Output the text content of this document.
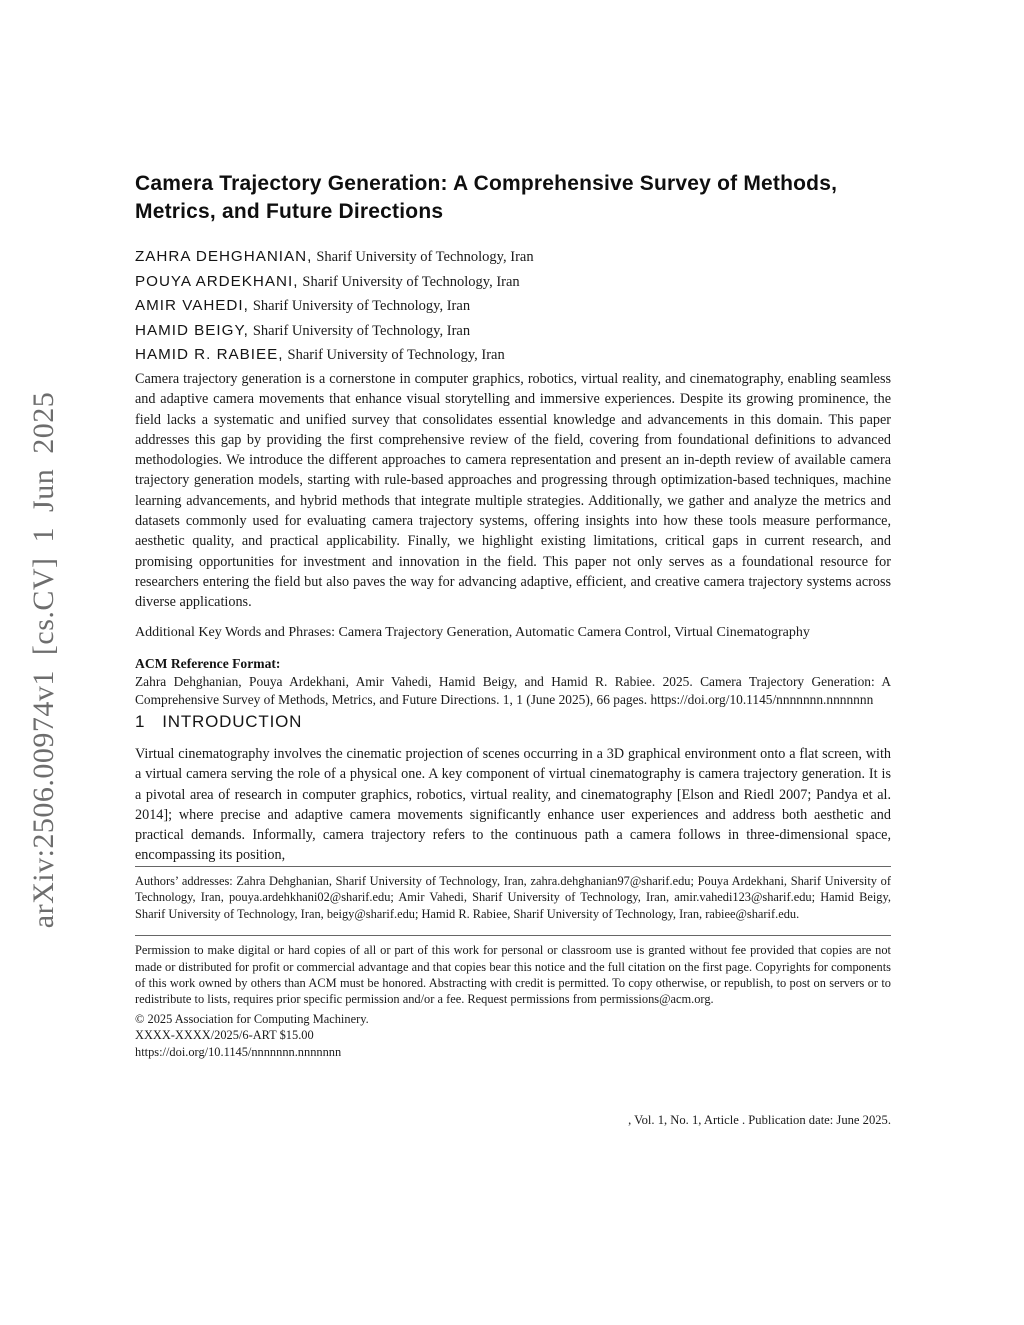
arXiv:2506.00974v1 [cs.CV] 1 Jun 2025
Camera Trajectory Generation: A Comprehensive Survey of Methods, Metrics, and Future Directions
ZAHRA DEHGHANIAN, Sharif University of Technology, Iran
POUYA ARDEKHANI, Sharif University of Technology, Iran
AMIR VAHEDI, Sharif University of Technology, Iran
HAMID BEIGY, Sharif University of Technology, Iran
HAMID R. RABIEE, Sharif University of Technology, Iran
Camera trajectory generation is a cornerstone in computer graphics, robotics, virtual reality, and cinematography, enabling seamless and adaptive camera movements that enhance visual storytelling and immersive experiences. Despite its growing prominence, the field lacks a systematic and unified survey that consolidates essential knowledge and advancements in this domain. This paper addresses this gap by providing the first comprehensive review of the field, covering from foundational definitions to advanced methodologies. We introduce the different approaches to camera representation and present an in-depth review of available camera trajectory generation models, starting with rule-based approaches and progressing through optimization-based techniques, machine learning advancements, and hybrid methods that integrate multiple strategies. Additionally, we gather and analyze the metrics and datasets commonly used for evaluating camera trajectory systems, offering insights into how these tools measure performance, aesthetic quality, and practical applicability. Finally, we highlight existing limitations, critical gaps in current research, and promising opportunities for investment and innovation in the field. This paper not only serves as a foundational resource for researchers entering the field but also paves the way for advancing adaptive, efficient, and creative camera trajectory systems across diverse applications.
Additional Key Words and Phrases: Camera Trajectory Generation, Automatic Camera Control, Virtual Cinematography
ACM Reference Format:
Zahra Dehghanian, Pouya Ardekhani, Amir Vahedi, Hamid Beigy, and Hamid R. Rabiee. 2025. Camera Trajectory Generation: A Comprehensive Survey of Methods, Metrics, and Future Directions. 1, 1 (June 2025), 66 pages. https://doi.org/10.1145/nnnnnnn.nnnnnnn
1 INTRODUCTION
Virtual cinematography involves the cinematic projection of scenes occurring in a 3D graphical environment onto a flat screen, with a virtual camera serving the role of a physical one. A key component of virtual cinematography is camera trajectory generation. It is a pivotal area of research in computer graphics, robotics, virtual reality, and cinematography [Elson and Riedl 2007; Pandya et al. 2014]; where precise and adaptive camera movements significantly enhance user experiences and address both aesthetic and practical demands. Informally, camera trajectory refers to the continuous path a camera follows in three-dimensional space, encompassing its position,
Authors’ addresses: Zahra Dehghanian, Sharif University of Technology, Iran, zahra.dehghanian97@sharif.edu; Pouya Ardekhani, Sharif University of Technology, Iran, pouya.ardehkhani02@sharif.edu; Amir Vahedi, Sharif University of Technology, Iran, amir.vahedi123@sharif.edu; Hamid Beigy, Sharif University of Technology, Iran, beigy@sharif.edu; Hamid R. Rabiee, Sharif University of Technology, Iran, rabiee@sharif.edu.
Permission to make digital or hard copies of all or part of this work for personal or classroom use is granted without fee provided that copies are not made or distributed for profit or commercial advantage and that copies bear this notice and the full citation on the first page. Copyrights for components of this work owned by others than ACM must be honored. Abstracting with credit is permitted. To copy otherwise, or republish, to post on servers or to redistribute to lists, requires prior specific permission and/or a fee. Request permissions from permissions@acm.org.
© 2025 Association for Computing Machinery.
XXXX-XXXX/2025/6-ART $15.00
https://doi.org/10.1145/nnnnnnn.nnnnnnn
, Vol. 1, No. 1, Article . Publication date: June 2025.
